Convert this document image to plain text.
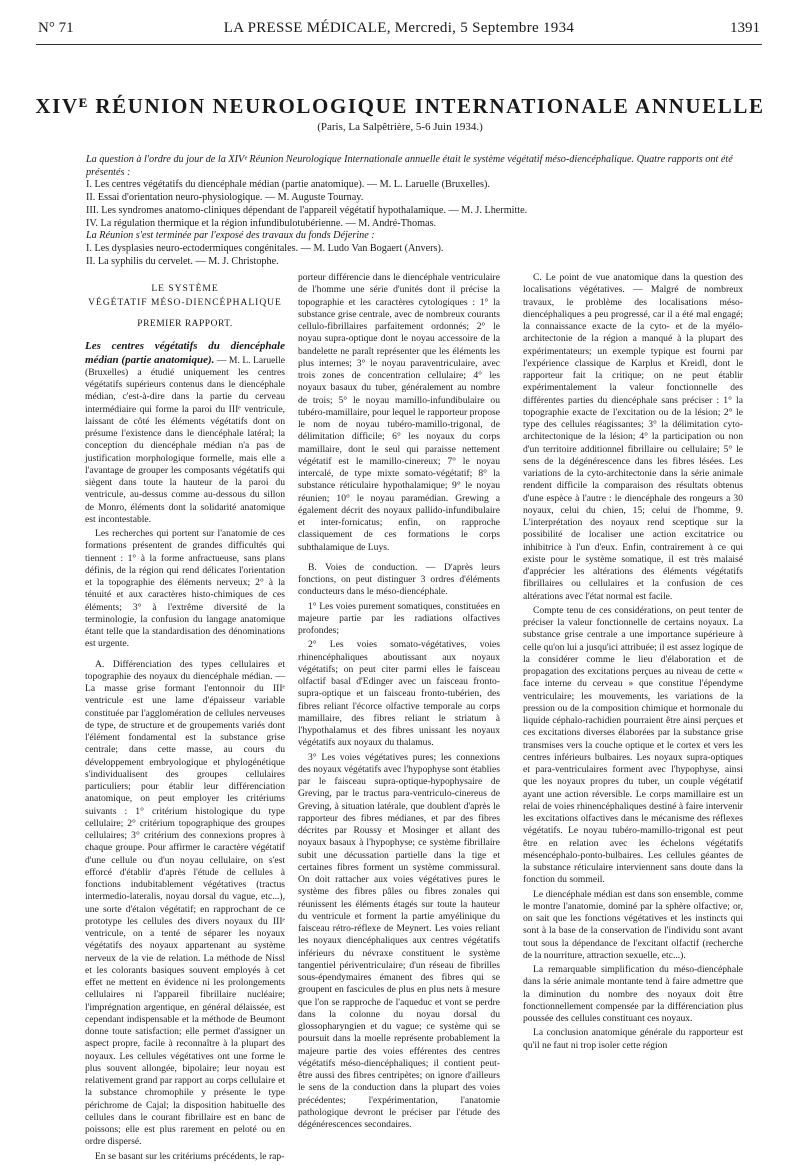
N° 71	LA PRESSE MÉDICALE, Mercredi, 5 Septembre 1934	1391
XIVᴱ RÉUNION NEUROLOGIQUE INTERNATIONALE ANNUELLE
(Paris, La Salpêtrière, 5-6 Juin 1934.)

La question à l'ordre du jour de la XIVᵉ Réunion Neurologique Internationale annuelle était le système végétatif méso-diencéphalique. Quatre rapports ont été présentés :

I. Les centres végétatifs du diencéphale médian (partie anatomique). — M. L. Laruelle (Bruxelles).

II. Essai d'orientation neuro-physiologique. — M. Auguste Tournay.

III. Les syndromes anatomo-cliniques dépendant de l'appareil végétatif hypothalamique. — M. J. Lhermitte.

IV. La régulation thermique et la région infundibulotubérienne. — M. André-Thomas.

La Réunion s'est terminée par l'exposé des travaux du fonds Déjerine :

I. Les dysplasies neuro-ectodermiques congénitales. — M. Ludo Van Bogaert (Anvers).

II. La syphilis du cervelet. — M. J. Christophe.

LE SYSTÈME
VÉGÉTATIF MÉSO-DIENCÉPHALIQUE
PREMIER RAPPORT.

Les centres végétatifs du diencéphale médian (partie anatomique). — M. L. Laruelle (Bruxelles) a étudié uniquement les centres végétatifs supérieurs contenus dans le diencéphale médian, c'est-à-dire dans la partie du cerveau intermédiaire qui forme la paroi du IIIᵉ ventricule, laissant de côté les éléments végétatifs dont on présume l'existence dans le diencéphale latéral; la conception du diencéphale médian n'a pas de justification morphologique formelle, mais elle a l'avantage de grouper les composants végétatifs qui siègent dans toute la hauteur de la paroi du ventricule, au-dessus comme au-dessous du sillon de Monro, éléments dont la solidarité anatomique est incontestable.

Les recherches qui portent sur l'anatomie de ces formations présentent de grandes difficultés qui tiennent : 1° à la forme anfractueuse, sans plans définis, de la région qui rend délicates l'orientation et la topographie des éléments nerveux; 2° à la ténuité et aux caractères histo-chimiques de ces éléments; 3° à l'extrême diversité de la terminologie, la confusion du langage anatomique étant telle que la standardisation des dénominations est urgente.

A. Différenciation des types cellulaires et topographie des noyaux du diencéphale médian. — La masse grise formant l'entonnoir du IIIᵉ ventricule est une lame d'épaisseur variable constituée par l'agglomération de cellules nerveuses de type, de structure et de groupements variés dont l'élément fondamental est la substance grise centrale; dans cette masse, au cours du développement embryologique et phylogénétique s'individualisent des groupes cellulaires particuliers; pour établir leur différenciation anatomique, on peut employer les critériums suivants : 1° critérium histologique du type cellulaire; 2° critérium topographique des groupes cellulaires; 3° critérium des connexions propres à chaque groupe. Pour affirmer le caractère végétatif d'une cellule ou d'un noyau cellulaire, on s'est efforcé d'établir d'après l'étude de cellules à fonctions indubitablement végétatives (tractus intermedio-lateralis, noyau dorsal du vague, etc...), une sorte d'étalon végétatif; en rapprochant de ce prototype les cellules des divers noyaux du IIIᵉ ventricule, on a tenté de séparer les noyaux végétatifs des noyaux appartenant au système nerveux de la vie de relation. La méthode de Nissl et les colorants basiques souvent employés à cet effet ne mettent en évidence ni les prolongements cellulaires ni l'appareil fibrillaire nucléaire; l'imprégnation argentique, en général délaissée, est cependant indispensable et la méthode de Beumont donne toute satisfaction; elle permet d'assigner un aspect propre, facile à reconnaître à la plupart des noyaux. Les cellules végétatives ont une forme le plus souvent allongée, bipolaire; leur noyau est relativement grand par rapport au corps cellulaire et la substance chromophile y présente le type périchrome de Cajal; la disposition habituelle des cellules dans le courant fibrillaire est en banc de poissons; elle est plus rarement en peloté ou en ordre dispersé.

En se basant sur les critériums précédents, le rap-

porteur différencie dans le diencéphale ventriculaire de l'homme une série d'unités dont il précise la topographie et les caractères cytologiques : 1° la substance grise centrale, avec de nombreux courants cellulo-fibrillaires parfaitement ordonnés; 2° le noyau supra-optique dont le noyau accessoire de la bandelette ne paraît représenter que les éléments les plus internes; 3° le noyau paraventriculaire, avec trois zones de concentration cellulaire; 4° les noyaux basaux du tuber, généralement au nombre de trois; 5° le noyau mamillo-infundibulaire ou tubéro-mamillaire, pour lequel le rapporteur propose le nom de noyau tubéro-mamillo-trigonal, de délimitation difficile; 6° les noyaux du corps mamillaire, dont le seul qui paraisse nettement végétatif est le mamillo-cinereux; 7° le noyau intercalé, de type mixte somato-végétatif; 8° la substance réticulaire hypothalamique; 9° le noyau réunien; 10° le noyau paramédian. Grewing a également décrit des noyaux pallido-infundibulaire et inter-fornicatus; enfin, on rapproche classiquement de ces formations le corps subthalamique de Luys.

B. Voies de conduction. — D'après leurs fonctions, on peut distinguer 3 ordres d'éléments conducteurs dans le méso-diencéphale.

1° Les voies purement somatiques, constituées en majeure partie par les radiations olfactives profondes;

2° Les voies somato-végétatives, voies rhinencéphaliques aboutissant aux noyaux végétatifs; on peut citer parmi elles le faisceau olfactif basal d'Edinger avec un faisceau fronto-supra-optique et un faisceau fronto-tubérien, des fibres reliant l'écorce olfactive temporale au corps mamillaire, des fibres reliant le striatum à l'hypothalamus et des fibres unissant les noyaux végétatifs aux noyaux du thalamus.

3° Les voies végétatives pures; les connexions des noyaux végétatifs avec l'hypophyse sont établies par le faisceau supra-optique-hypophysaire de Greving, par le tractus para-ventriculo-cinereus de Greving, à situation latérale, que doublent d'après le rapporteur des fibres médianes, et par des fibres décrites par Roussy et Mosinger et allant des noyaux basaux à l'hypophyse; ce système fibrillaire subit une décussation partielle dans la tige et certaines fibres forment un système commissural. On doit rattacher aux voies végétatives pures le système des fibres pâles ou fibres zonales qui réunissent les éléments étagés sur toute la hauteur du ventricule et forment la partie amyélinique du faisceau rétro-réflexe de Meynert. Les voies reliant les noyaux diencéphaliques aux centres végétatifs inférieurs du névraxe constituent le système tangentiel périventriculaire; d'un réseau de fibrilles sous-épendymaires émanent des fibres qui se groupent en fascicules de plus en plus nets à mesure que l'on se rapproche de l'aqueduc et vont se perdre dans la colonne du noyau dorsal du glossopharyngien et du vague; ce système qui se poursuit dans la moelle représente probablement la majeure partie des voies efférentes des centres végétatifs méso-diencéphaliques; il contient peut-être aussi des fibres centripètes; on ignore d'ailleurs le sens de la conduction dans la plupart des voies précédentes; l'expérimentation, l'anatomie pathologique devront le préciser par l'étude des dégénérescences secondaires.

C. Le point de vue anatomique dans la question des localisations végétatives. — Malgré de nombreux travaux, le problème des localisations méso-diencéphaliques a peu progressé, car il a été mal engagé; la connaissance exacte de la cyto- et de la myélo-architectonie de la région a manqué à la plupart des expérimentateurs; un exemple typique est fourni par l'expérience classique de Karplus et Kreidl, dont le rapporteur fait la critique; on ne peut établir expérimentalement la valeur fonctionnelle des différentes parties du diencéphale sans préciser : 1° la topographie exacte de l'excitation ou de la lésion; 2° le type des cellules réagissantes; 3° la délimitation cyto-architectonique de la lésion; 4° la participation ou non d'un territoire additionnel fibrillaire ou cellulaire; 5° le sens de la dégénérescence dans les fibres lésées. Les variations de la cyto-architectonie dans la série animale rendent difficile la comparaison des résultats obtenus d'une espèce à l'autre : le diencéphale des rongeurs a 30 noyaux, celui du chien, 15; celui de l'homme, 9. L'interprétation des noyaux rend sceptique sur la possibilité de localiser une action excitatrice ou inhibitrice à l'un d'eux. Enfin, contrairement à ce qui existe pour le système somatique, il est très malaisé d'apprécier les altérations des éléments végétatifs fibrillaires ou cellulaires et la confusion de ces altérations avec l'état normal est facile.

Compte tenu de ces considérations, on peut tenter de préciser la valeur fonctionnelle de certains noyaux. La substance grise centrale a une importance supérieure à celle qu'on lui a jusqu'ici attribuée; il est assez logique de la considérer comme le lieu d'élaboration et de propagation des excitations perçues au niveau de cette « face interne du cerveau » que constitue l'épendyme ventriculaire; les mouvements, les variations de la pression ou de la composition chimique et hormonale du liquide céphalo-rachidien pourraient être ainsi perçues et ces excitations diverses élaborées par la substance grise transmises vers la couche optique et le cortex et vers les centres inférieurs bulbaires. Les noyaux supra-optiques et para-ventriculaires forment avec l'hypophyse, ainsi que les noyaux propres du tuber, un couple végétatif ayant une action réversible. Le corps mamillaire est un relai de voies rhinencéphaliques destiné à faire intervenir les excitations olfactives dans le mécanisme des réflexes végétatifs. Le noyau tubéro-mamillo-trigonal est peut être en relation avec les échelons végétatifs mésencéphalo-ponto-bulbaires. Les cellules géantes de la substance réticulaire interviennent sans doute dans la fonction du sommeil.

Le diencéphale médian est dans son ensemble, comme le montre l'anatomie, dominé par la sphère olfactive; or, on sait que les fonctions végétatives et les instincts qui sont à la base de la conservation de l'individu sont avant tout sous la dépendance de l'excitant olfactif (recherche de la nourriture, attraction sexuelle, etc...).

La remarquable simplification du méso-diencéphale dans la série animale montante tend à faire admettre que la diminution du nombre des noyaux doit être fonctionnellement compensée par la différenciation plus poussée des cellules constituant ces noyaux.

La conclusion anatomique générale du rapporteur est qu'il ne faut ni trop isoler cette région
